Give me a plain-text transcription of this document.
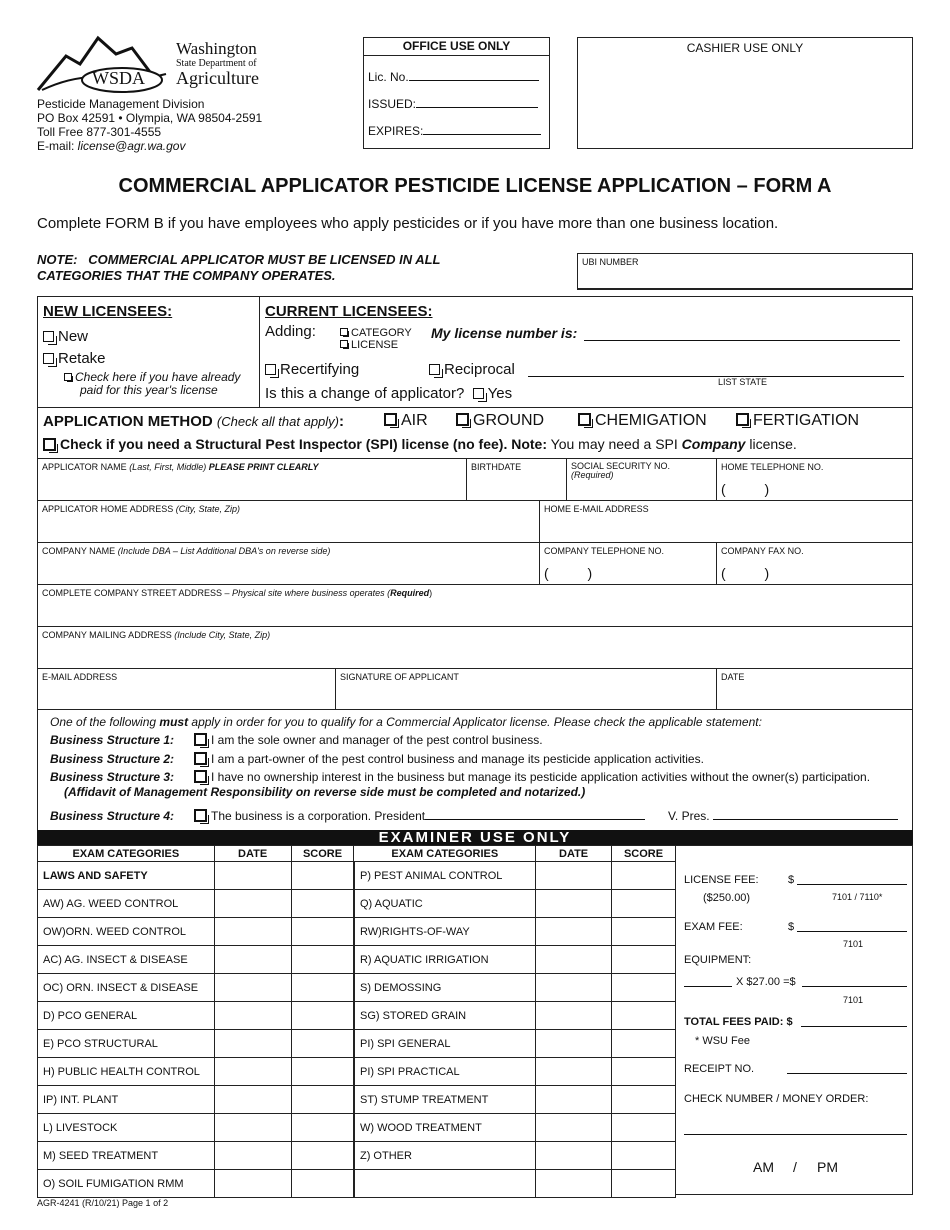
WSDA
Washington
State Department of
Agriculture
Pesticide Management Division
PO Box 42591 • Olympia, WA 98504-2591
Toll Free 877-301-4555
E-mail: license@agr.wa.gov
OFFICE USE ONLY
Lic. No.
ISSUED:
EXPIRES:
CASHIER USE ONLY
COMMERCIAL APPLICATOR PESTICIDE LICENSE APPLICATION – FORM A
Complete FORM B if you have employees who apply pesticides or if you have more than one business location.
NOTE:   COMMERCIAL APPLICATOR MUST BE LICENSED IN ALL
CATEGORIES THAT THE COMPANY OPERATES.
UBI NUMBER
NEW LICENSEES:
New
Retake
Check here if you have already
paid for this year's license
CURRENT LICENSEES:
Adding:	CATEGORY
LICENSE
My license number is:
Recertifying	Reciprocal
LIST STATE
Is this a change of applicator? Yes
APPLICATION METHOD (Check all that apply):	AIR	GROUND	CHEMIGATION	FERTIGATION
Check if you need a Structural Pest Inspector (SPI) license (no fee). Note: You may need a SPI Company license.
APPLICATOR NAME (Last, First, Middle) PLEASE PRINT CLEARLY	BIRTHDATE	SOCIAL SECURITY NO.
(Required)
HOME TELEPHONE NO.
(          )
APPLICATOR HOME ADDRESS (City, State, Zip)	HOME E-MAIL ADDRESS
COMPANY NAME (Include DBA – List Additional DBA's on reverse side)	COMPANY TELEPHONE NO.
(          )
COMPANY FAX NO.
(          )
COMPLETE COMPANY STREET ADDRESS – Physical site where business operates (Required)
COMPANY MAILING ADDRESS (Include City, State, Zip)
E-MAIL ADDRESS	SIGNATURE OF APPLICANT	DATE
One of the following must apply in order for you to qualify for a Commercial Applicator license. Please check the applicable statement:
Business Structure 1:	I am the sole owner and manager of the pest control business.
Business Structure 2:	I am a part-owner of the pest control business and manage its pesticide application activities.
Business Structure 3:	I have no ownership interest in the business but manage its pesticide application activities without the owner(s) participation.
(Affidavit of Management Responsibility on reverse side must be completed and notarized.)
Business Structure 4:	The business is a corporation. President	V. Pres.
EXAMINER USE ONLY
EXAM CATEGORIES	DATE	SCORE	EXAM CATEGORIES	DATE	SCORE
LAWS AND SAFETY			P) PEST ANIMAL CONTROL		
AW) AG. WEED CONTROL			Q) AQUATIC		
OW)ORN. WEED CONTROL			RW)RIGHTS-OF-WAY		
AC) AG. INSECT & DISEASE			R) AQUATIC IRRIGATION		
OC) ORN. INSECT & DISEASE			S) DEMOSSING		
D) PCO GENERAL			SG) STORED GRAIN		
E) PCO STRUCTURAL			PI) SPI GENERAL		
H) PUBLIC HEALTH CONTROL			PI) SPI PRACTICAL		
IP) INT. PLANT			ST) STUMP TREATMENT		
L) LIVESTOCK			W) WOOD TREATMENT		
M) SEED TREATMENT			Z) OTHER		
O) SOIL FUMIGATION RMM					
LICENSE FEE:	$
($250.00)	7101 / 7110*
EXAM FEE:	$
7101
EQUIPMENT:
X $27.00 =$
7101
TOTAL FEES PAID: $
* WSU Fee
RECEIPT NO.
CHECK NUMBER / MONEY ORDER:
AM / PM
AGR-4241 (R/10/21) Page 1 of 2
